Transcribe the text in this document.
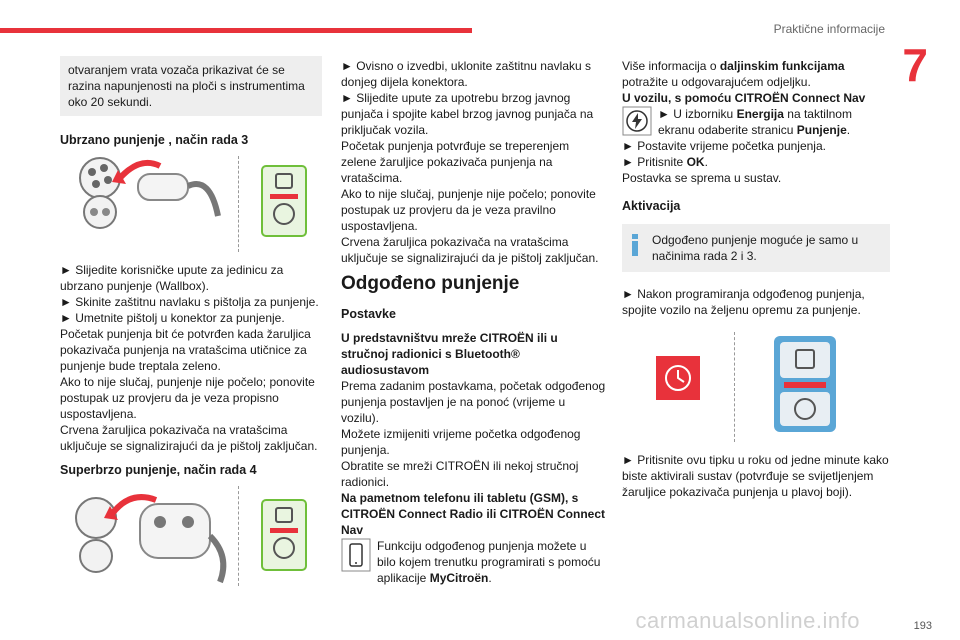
Praktične informacije
7

otvaranjem vrata vozača prikazivat će se razina napunjenosti na ploči s instrumentima oko 20 sekundi.

Ubrzano punjenje , način rada 3

► Slijedite korisničke upute za jedinicu za ubrzano punjenje (Wallbox).

► Skinite zaštitnu navlaku s pištolja za punjenje.

► Umetnite pištolj u konektor za punjenje.

Početak punjenja bit će potvrđen kada žaruljica pokazivača punjenja na vratašcima utičnice za punjenje bude treptala zeleno.

Ako to nije slučaj, punjenje nije počelo; ponovite postupak uz provjeru da je veza propisno uspostavljena.

Crvena žaruljica pokazivača na vratašcima uključuje se signalizirajući da je pištolj zaključan.

Superbrzo punjenje, način rada 4

► Ovisno o izvedbi, uklonite zaštitnu navlaku s donjeg dijela konektora.

► Slijedite upute za upotrebu brzog javnog punjača i spojite kabel brzog javnog punjača na priključak vozila.

Početak punjenja potvrđuje se treperenjem zelene žaruljice pokazivača punjenja na vratašcima.

Ako to nije slučaj, punjenje nije počelo; ponovite postupak uz provjeru da je veza pravilno uspostavljena.

Crvena žaruljica pokazivača na vratašcima uključuje se signalizirajući da je pištolj zaključan.

Odgođeno punjenje
Postavke

U predstavništvu mreže CITROËN ili u stručnoj radionici s Bluetooth® audiosustavom

Prema zadanim postavkama, početak odgođenog punjenja postavljen je na ponoć (vrijeme u vozilu).

Možete izmijeniti vrijeme početka odgođenog punjenja.

Obratite se mreži CITROËN ili nekoj stručnoj radionici.

Na pametnom telefonu ili tabletu (GSM), s CITROËN Connect Radio ili CITROËN Connect Nav

Funkciju odgođenog punjenja možete u bilo kojem trenutku programirati s pomoću aplikacije MyCitroën.

Više informacija o daljinskim funkcijama potražite u odgovarajućem odjeljku.

U vozilu, s pomoću CITROËN Connect Nav

► U izborniku Energija na taktilnom ekranu odaberite stranicu Punjenje.

► Postavite vrijeme početka punjenja.

► Pritisnite OK.

Postavka se sprema u sustav.

Aktivacija

Odgođeno punjenje moguće je samo u načinima rada 2 i 3.

► Nakon programiranja odgođenog punjenja, spojite vozilo na željenu opremu za punjenje.

► Pritisnite ovu tipku u roku od jedne minute kako biste aktivirali sustav (potvrđuje se svijetljenjem žaruljice pokazivača punjenja u plavoj boji).

carmanualsonline.info	193
